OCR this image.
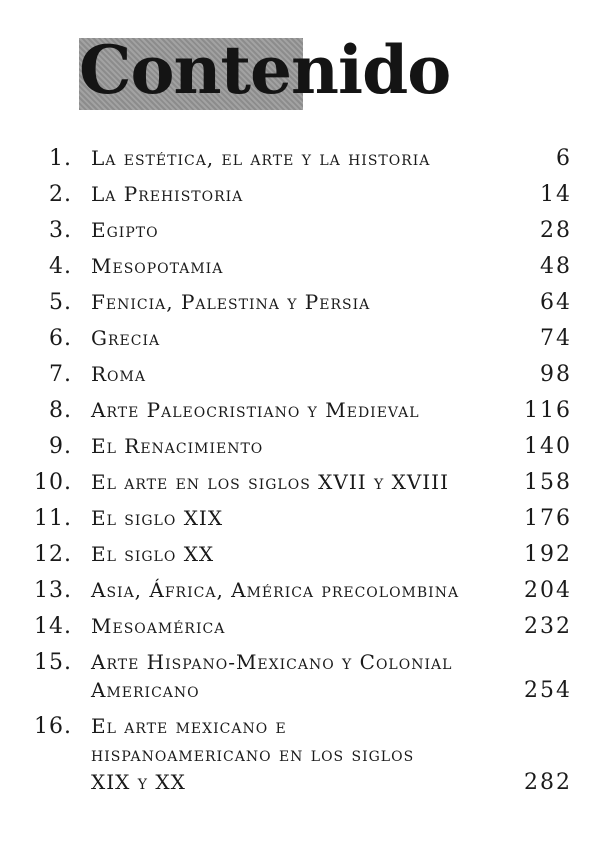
Contenido
1. La estética, el arte y la historia	6
2. La Prehistoria	14
3. Egipto	28
4. Mesopotamia	48
5. Fenicia, Palestina y Persia	64
6. Grecia	74
7. Roma	98
8. Arte Paleocristiano y Medieval	116
9. El Renacimiento	140
10. El arte en los siglos XVII y XVIII	158
11. El siglo XIX	176
12. El siglo XX	192
13. Asia, África, América precolombina	204
14. Mesoamérica	232
15. Arte Hispano-Mexicano y Colonial
Americano	254
16. El arte mexicano e
hispanoamericano en los siglos
XIX y XX	282
